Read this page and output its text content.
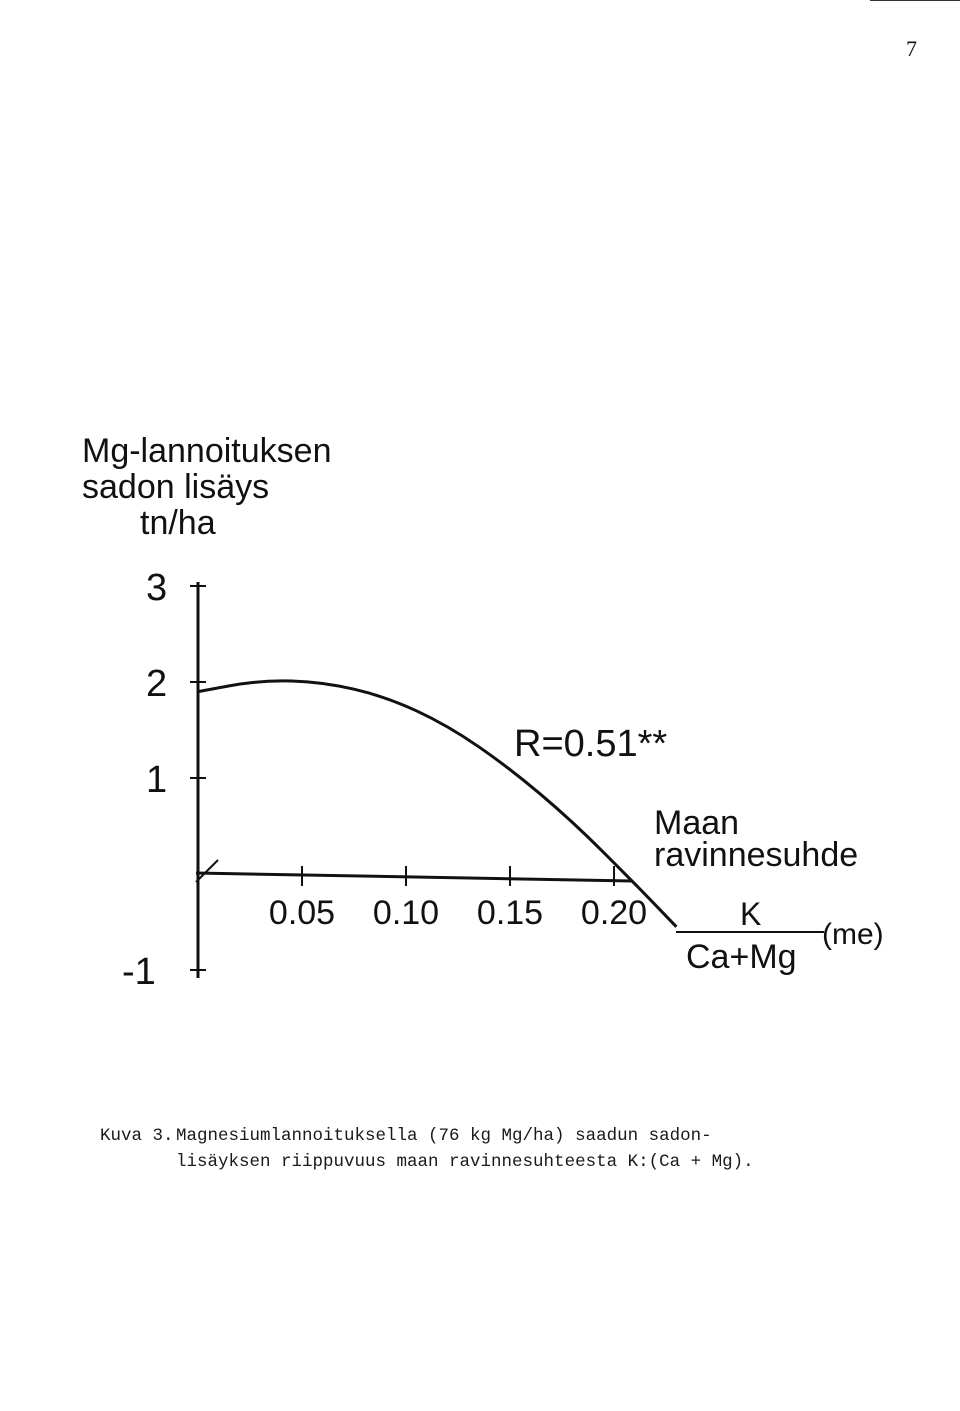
7
Mg-lannoituksen
sadon lisäys
tn/ha
3
2
1
-1
0.05 0.10 0.15 0.20
R=0.51**
Maan
ravinnesuhde
K
Ca+Mg
(me)
Kuva 3. Magnesiumlannoituksella (76 kg Mg/ha) saadun sadon-
lisäyksen riippuvuus maan ravinnesuhteesta K:(Ca + Mg).
